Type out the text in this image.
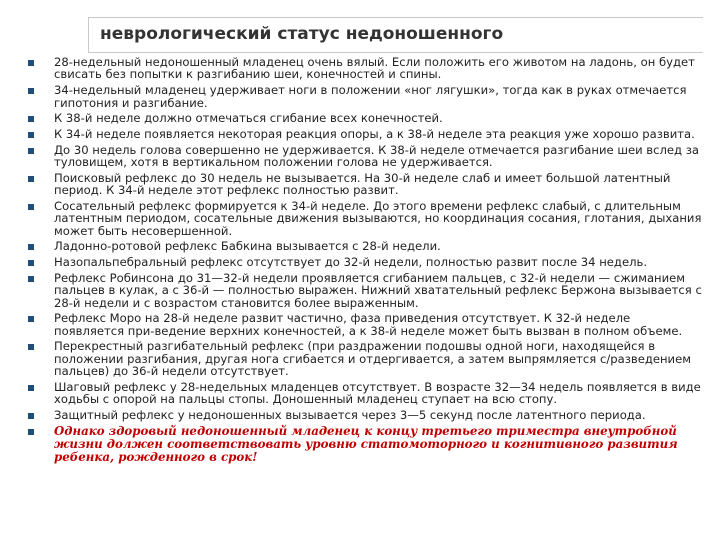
неврологический статус недоношенного
28-недельный недоношенный младенец очень вялый. Если положить его животом на ладонь, он будет свисать без попытки к разгибанию шеи, конечностей и спины.
34-недельный младенец удерживает ноги в положении «ног лягушки», тогда как в руках отмечается гипотония и разгибание.
К 38-й неделе должно отмечаться сгибание всех конечностей.
К 34-й неделе появляется некоторая реакция опоры, а к 38-й неделе эта реакция уже хорошо развита.
До 30 недель голова совершенно не удерживается. К 38-й неделе отмечается разгибание шеи вслед за туловищем, хотя в вертикальном положении голова не удерживается.
Поисковый рефлекс до 30 недель не вызывается. На 30-й неделе слаб и имеет большой латентный период. К 34-й неделе этот рефлекс полностью развит.
Сосательный рефлекс формируется к 34-й неделе. До этого времени рефлекс слабый, с длительным латентным периодом, сосательные движения вызываются, но координация сосания, глотания, дыхания может быть несовершенной.
Ладонно-ротовой рефлекс Бабкина вызывается с 28-й недели.
Назопальпебральный рефлекс отсутствует до 32-й недели, полностью развит после 34 недель.
Рефлекс Робинсона до 31—32-й недели проявляется сгибанием пальцев, с 32-й недели — сжиманием пальцев в кулак, а с 36-й — полностью выражен. Нижний хватательный рефлекс Бержона вызывается с 28-й недели и с возрастом становится более выраженным.
Рефлекс Моро на 28-й неделе развит частично, фаза приведения отсутствует. К 32-й неделе появляется при-ведение верхних конечностей, а к 38-й неделе может быть вызван в полном объеме.
Перекрестный разгибательный рефлекс (при раздражении подошвы одной ноги, находящейся в положении разгибания, другая нога сгибается и отдергивается, а затем выпрямляется с/разведением пальцев) до 36-й недели отсутствует.
Шаговый рефлекс у 28-недельных младенцев отсутствует. В возрасте 32—34 недель появляется в виде ходьбы с опорой на пальцы стопы. Доношенный младенец ступает на всю стопу.
Защитный рефлекс у недоношенных вызывается через 3—5 секунд после латентного периода.
Однако здоровый недоношенный младенец к концу третьего триместра внеутробной жизни должен соответствовать уровню статомоторного и когнитивного развития ребенка, рожденного в срок!
